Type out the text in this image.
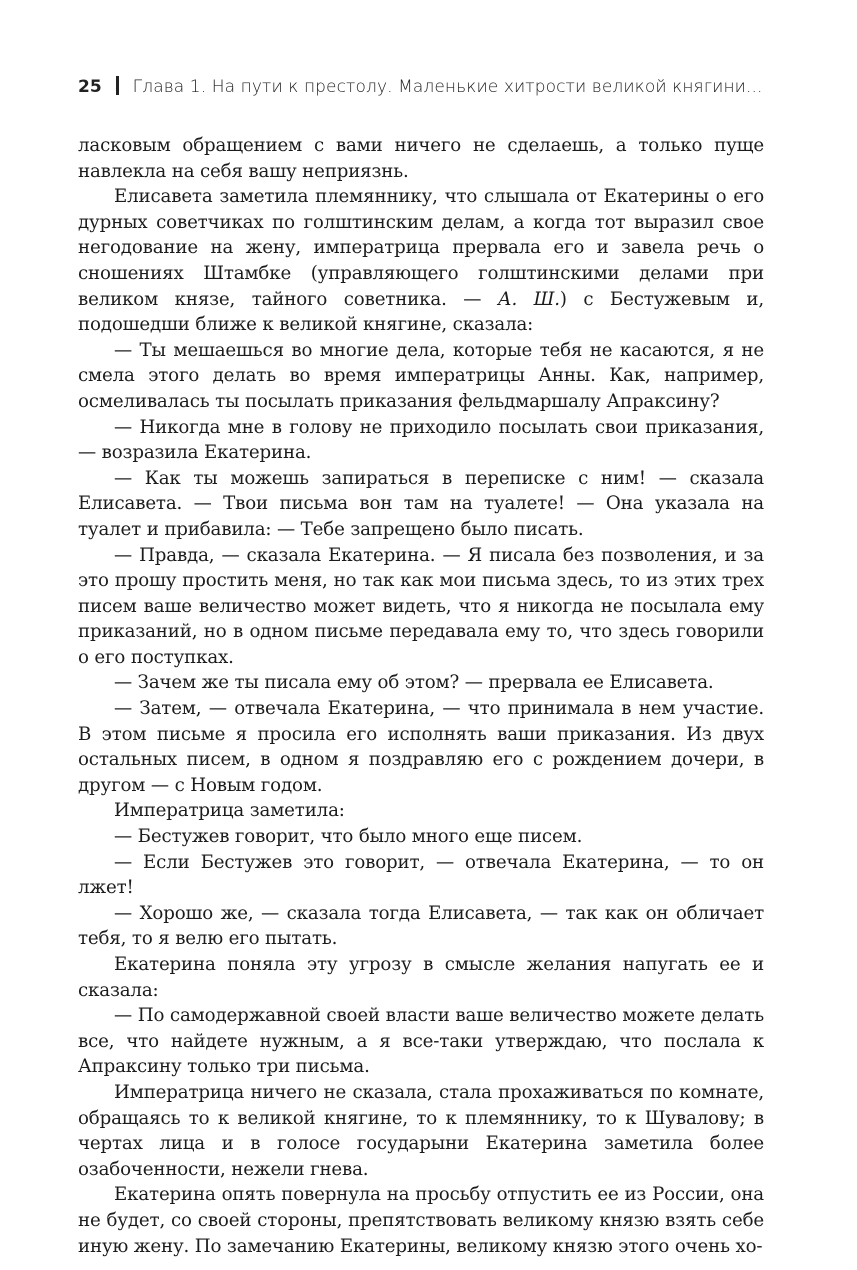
25 Глава 1. На пути к престолу. Маленькие хитрости великой княгини...

ласковым обращением с вами ничего не сделаешь, а только пуще навлекла на себя вашу неприязнь.

Елисавета заметила племяннику, что слышала от Екатерины о его дурных советчиках по голштинским делам, а когда тот выразил свое негодование на жену, императрица прервала его и завела речь о сношениях Штамбке (управляющего голштинскими делами при великом князе, тайного советника. — А. Ш.) с Бестужевым и, подошедши ближе к великой княгине, сказала:

— Ты мешаешься во многие дела, которые тебя не касаются, я не смела этого делать во время императрицы Анны. Как, например, осмеливалась ты посылать приказания фельдмаршалу Апраксину?

— Никогда мне в голову не приходило посылать свои приказания, — возразила Екатерина.

— Как ты можешь запираться в переписке с ним! — сказала Елисавета. — Твои письма вон там на туалете! — Она указала на туалет и прибавила: — Тебе запрещено было писать.

— Правда, — сказала Екатерина. — Я писала без позволения, и за это прошу простить меня, но так как мои письма здесь, то из этих трех писем ваше величество может видеть, что я никогда не посылала ему приказаний, но в одном письме передавала ему то, что здесь говорили о его поступках.

— Зачем же ты писала ему об этом? — прервала ее Елисавета.

— Затем, — отвечала Екатерина, — что принимала в нем участие. В этом письме я просила его исполнять ваши приказания. Из двух остальных писем, в одном я поздравляю его с рождением дочери, в другом — с Новым годом.

Императрица заметила:

— Бестужев говорит, что было много еще писем.

— Если Бестужев это говорит, — отвечала Екатерина, — то он лжет!

— Хорошо же, — сказала тогда Елисавета, — так как он обличает тебя, то я велю его пытать.

Екатерина поняла эту угрозу в смысле желания напугать ее и сказала:

— По самодержавной своей власти ваше величество можете делать все, что найдете нужным, а я все-таки утверждаю, что послала к Апраксину только три письма.

Императрица ничего не сказала, стала прохаживаться по комнате, обращаясь то к великой княгине, то к племяннику, то к Шувалову; в чертах лица и в голосе государыни Екатерина заметила более озабоченности, нежели гнева.

Екатерина опять повернула на просьбу отпустить ее из России, она не будет, со своей стороны, препятствовать великому князю взять себе иную жену. По замечанию Екатерины, великому князю этого очень хо-
